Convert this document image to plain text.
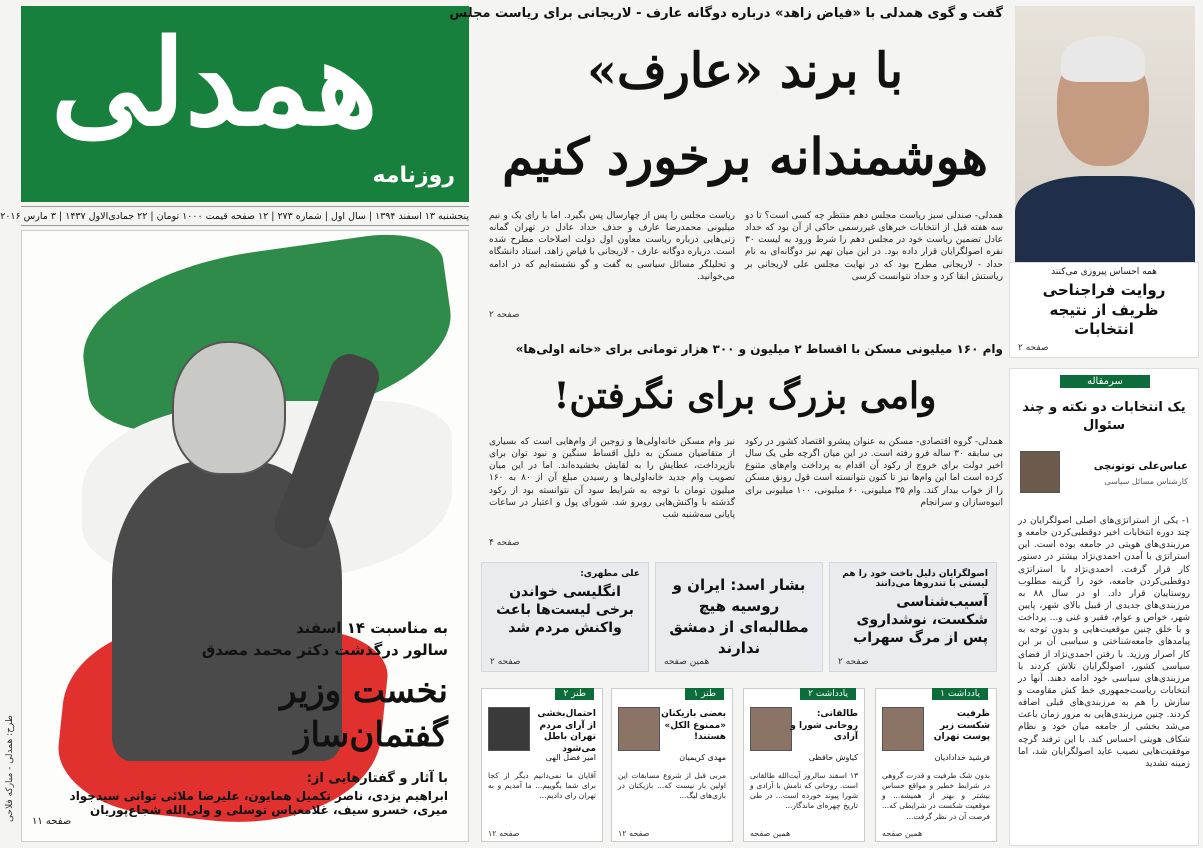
همدلی
روزنامه
پنجشنبه ۱۳ اسفند ۱۳۹۴ | سال اول | شماره ۲۷۳ | ۱۲ صفحه قیمت ۱۰۰۰ تومان | ۲۲ جمادی‌الاول ۱۴۳۷ | ۳ مارس ۲۰۱۶
به مناسبت ۱۴ اسفند
سالور درگذشت دکتر محمد مصدق
نخست وزیر
گفتمان‌ساز
با آثار و گفتارهایی از:
ابراهیم یزدی، ناصر تکمیل همایون، علیرضا ملائی توانی سیدجواد میری، خسرو سیف، غلامعباس توسلی و ولی‌الله شجاع‌پوریان
صفحه ۱۱
طرح: همدلی - مبارکه فلاحی
گفت و گوی همدلی با «فیاض زاهد» درباره دوگانه عارف - لاریجانی برای ریاست مجلس
با برند «عارف»
هوشمندانه برخورد کنیم
همدلی- صندلی سبز ریاست مجلس دهم منتظر چه کسی است؟ تا دو سه هفته قبل از انتخابات خبرهای غیررسمی حاکی از آن بود که حداد عادل تضمین ریاست خود در مجلس دهم را شرط ورود به لیست ۳۰ نفره اصولگرایان قرار داده بود. در این میان تهم نیز دوگانه‌ای به نام حداد - لاریجانی مطرح بود که در نهایت مجلس علی لاریجانی بر ریاستش ابقا کرد و حداد نتوانست کرسی
ریاست مجلس را پس از چهارسال پس بگیرد. اما با رای یک و نیم میلیونی محمدرضا عارف و حذف حداد عادل در تهران گمانه زنی‌هایی درباره ریاست معاون اول دولت اصلاحات مطرح شده است. درباره دوگانه عارف - لاریجانی با فیاض زاهد، استاد دانشگاه و تحلیلگر مسائل سیاسی به گفت و گو نشسته‌ایم که در ادامه می‌خوانید.
صفحه ۲
همه احساس پیروزی می‌کنند
روایت فراجناحی ظریف از نتیجه انتخابات
صفحه ۲
وام ۱۶۰ میلیونی مسکن با اقساط ۲ میلیون و ۳۰۰ هزار تومانی برای «خانه اولی‌ها»
وامی بزرگ برای نگرفتن!
همدلی- گروه اقتصادی- مسکن به عنوان پیشرو اقتصاد کشور در رکود بی سابقه ۳۰ ساله فرو رفته است. در این میان اگرچه طی یک سال اخیر دولت برای خروج از رکود آن اقدام به پرداخت وام‌های متنوع کرده است اما این وام‌ها نیز تا کنون نتوانسته است قول رونق مسکن را از خواب بیدار کند. وام ۳۵ میلیونی، ۶۰ میلیونی، ۱۰۰ میلیونی برای انبوه‌سازان و سرانجام
نیز وام مسکن خانه‌اولی‌ها و زوجین از وام‌هایی است که بسیاری از متقاضیان مسکن به دلیل اقساط سنگین و نبود توان برای بازپرداخت، عطایش را به لقایش بخشیده‌اند. اما در این میان تصویب وام جدید خانه‌اولی‌ها و رسیدن مبلغ آن از ۸۰ به ۱۶۰ میلیون تومان با توجه به شرایط سود آن نتوانسته بود از رکود گذشته با واکنش‌هایی روبرو شد. شورای پول و اعتبار در ساعات پایانی سه‌شنبه شب
صفحه ۴
اصولگرایان دلیل باخت خود را هم لیستی با تندروها می‌دانند
آسیب‌شناسی شکست، نوشداروی پس از مرگ سهراب
صفحه ۲
بشار اسد: ایران و روسیه هیچ مطالبه‌ای از دمشق ندارند
همین صفحه
علی مطهری:
انگلیسی خواندن برخی لیست‌ها باعث واکنش مردم شد
صفحه ۲
یادداشت ۱
ظرفیت شکست زیر پوست تهران
فرشید خدادادیان
بدون شک طرفیت و قدرت گروهی در شرایط خطیر و مواقع حساس بیشتر و بهتر از همیشه... و موقعیت شکست در شرایطی که... فرصت آن در نظر گرفت...
همین صفحه
یادداشت ۲
طالقانی: روحانی شورا و آزادی
کیاوش حافظی
۱۳ اسفند سالروز آیت‌الله طالقانی است. روحانی که نامش با آزادی و شورا پیوند خورده است... در طی تاریخ چهره‌ای ماندگار...
همین صفحه
طنز ۱
بعضی بازیکنان «ممنوع الکل» هستند!
مهدی کریمیان
مربی قبل از شروع مسابقات این اولین بار نیست که... بازیکنان در بازی‌های لیگ...
صفحه ۱۲
طنز ۲
احتمال‌بخشی از آرای مردم تهران باطل می‌شود
امیر فضل الهی
آقایان ما نمی‌دانیم دیگر از کجا برای شما بگوییم... ما آمدیم و به تهران رای دادیم...
صفحه ۱۲
سرمقاله
یک انتخابات دو نکته و چند سئوال
عباس‌علی توتونچی
کارشناس مسائل سیاسی
۱- یکی از استراتژی‌های اصلی اصولگرایان در چند دوره انتخابات اخیر دوقطبی‌کردن جامعه و مرزبندی‌های هویتی در جامعه بوده است. این استراتژی با آمدن احمدی‌نژاد بیشتر در دستور کار قرار گرفت. احمدی‌نژاد با استراتژی دوقطبی‌کردن جامعه، خود را گزینه مطلوب روستاییان قرار داد. او در سال ۸۸ به مرزبندی‌های جدیدی از قبیل بالای شهر، پایین شهر، خواص و عوام، فقیر و غنی و... پرداخت و با خلق چنین موقعیت‌هایی و بدون توجه به پیامدهای جامعه‌شناختی و سیاسی آن بر این کار اصرار ورزید. با رفتن احمدی‌نژاد از فضای سیاسی کشور، اصولگرایان تلاش کردند با مرزبندی‌های سیاسی خود ادامه دهند. آنها در انتخابات ریاست‌جمهوری خط کش مقاومت و سازش را هم به مرزبندی‌های قبلی اضافه کردند. چنین مرزبندی‌هایی به مرور زمان باعث می‌شد بخشی از جامعه میان خود و نظام شکاف هویتی احساس کند. با این ترفند گرچه موفقیت‌هایی نصیب عاید اصولگرایان شد، اما زمینه تشدید
